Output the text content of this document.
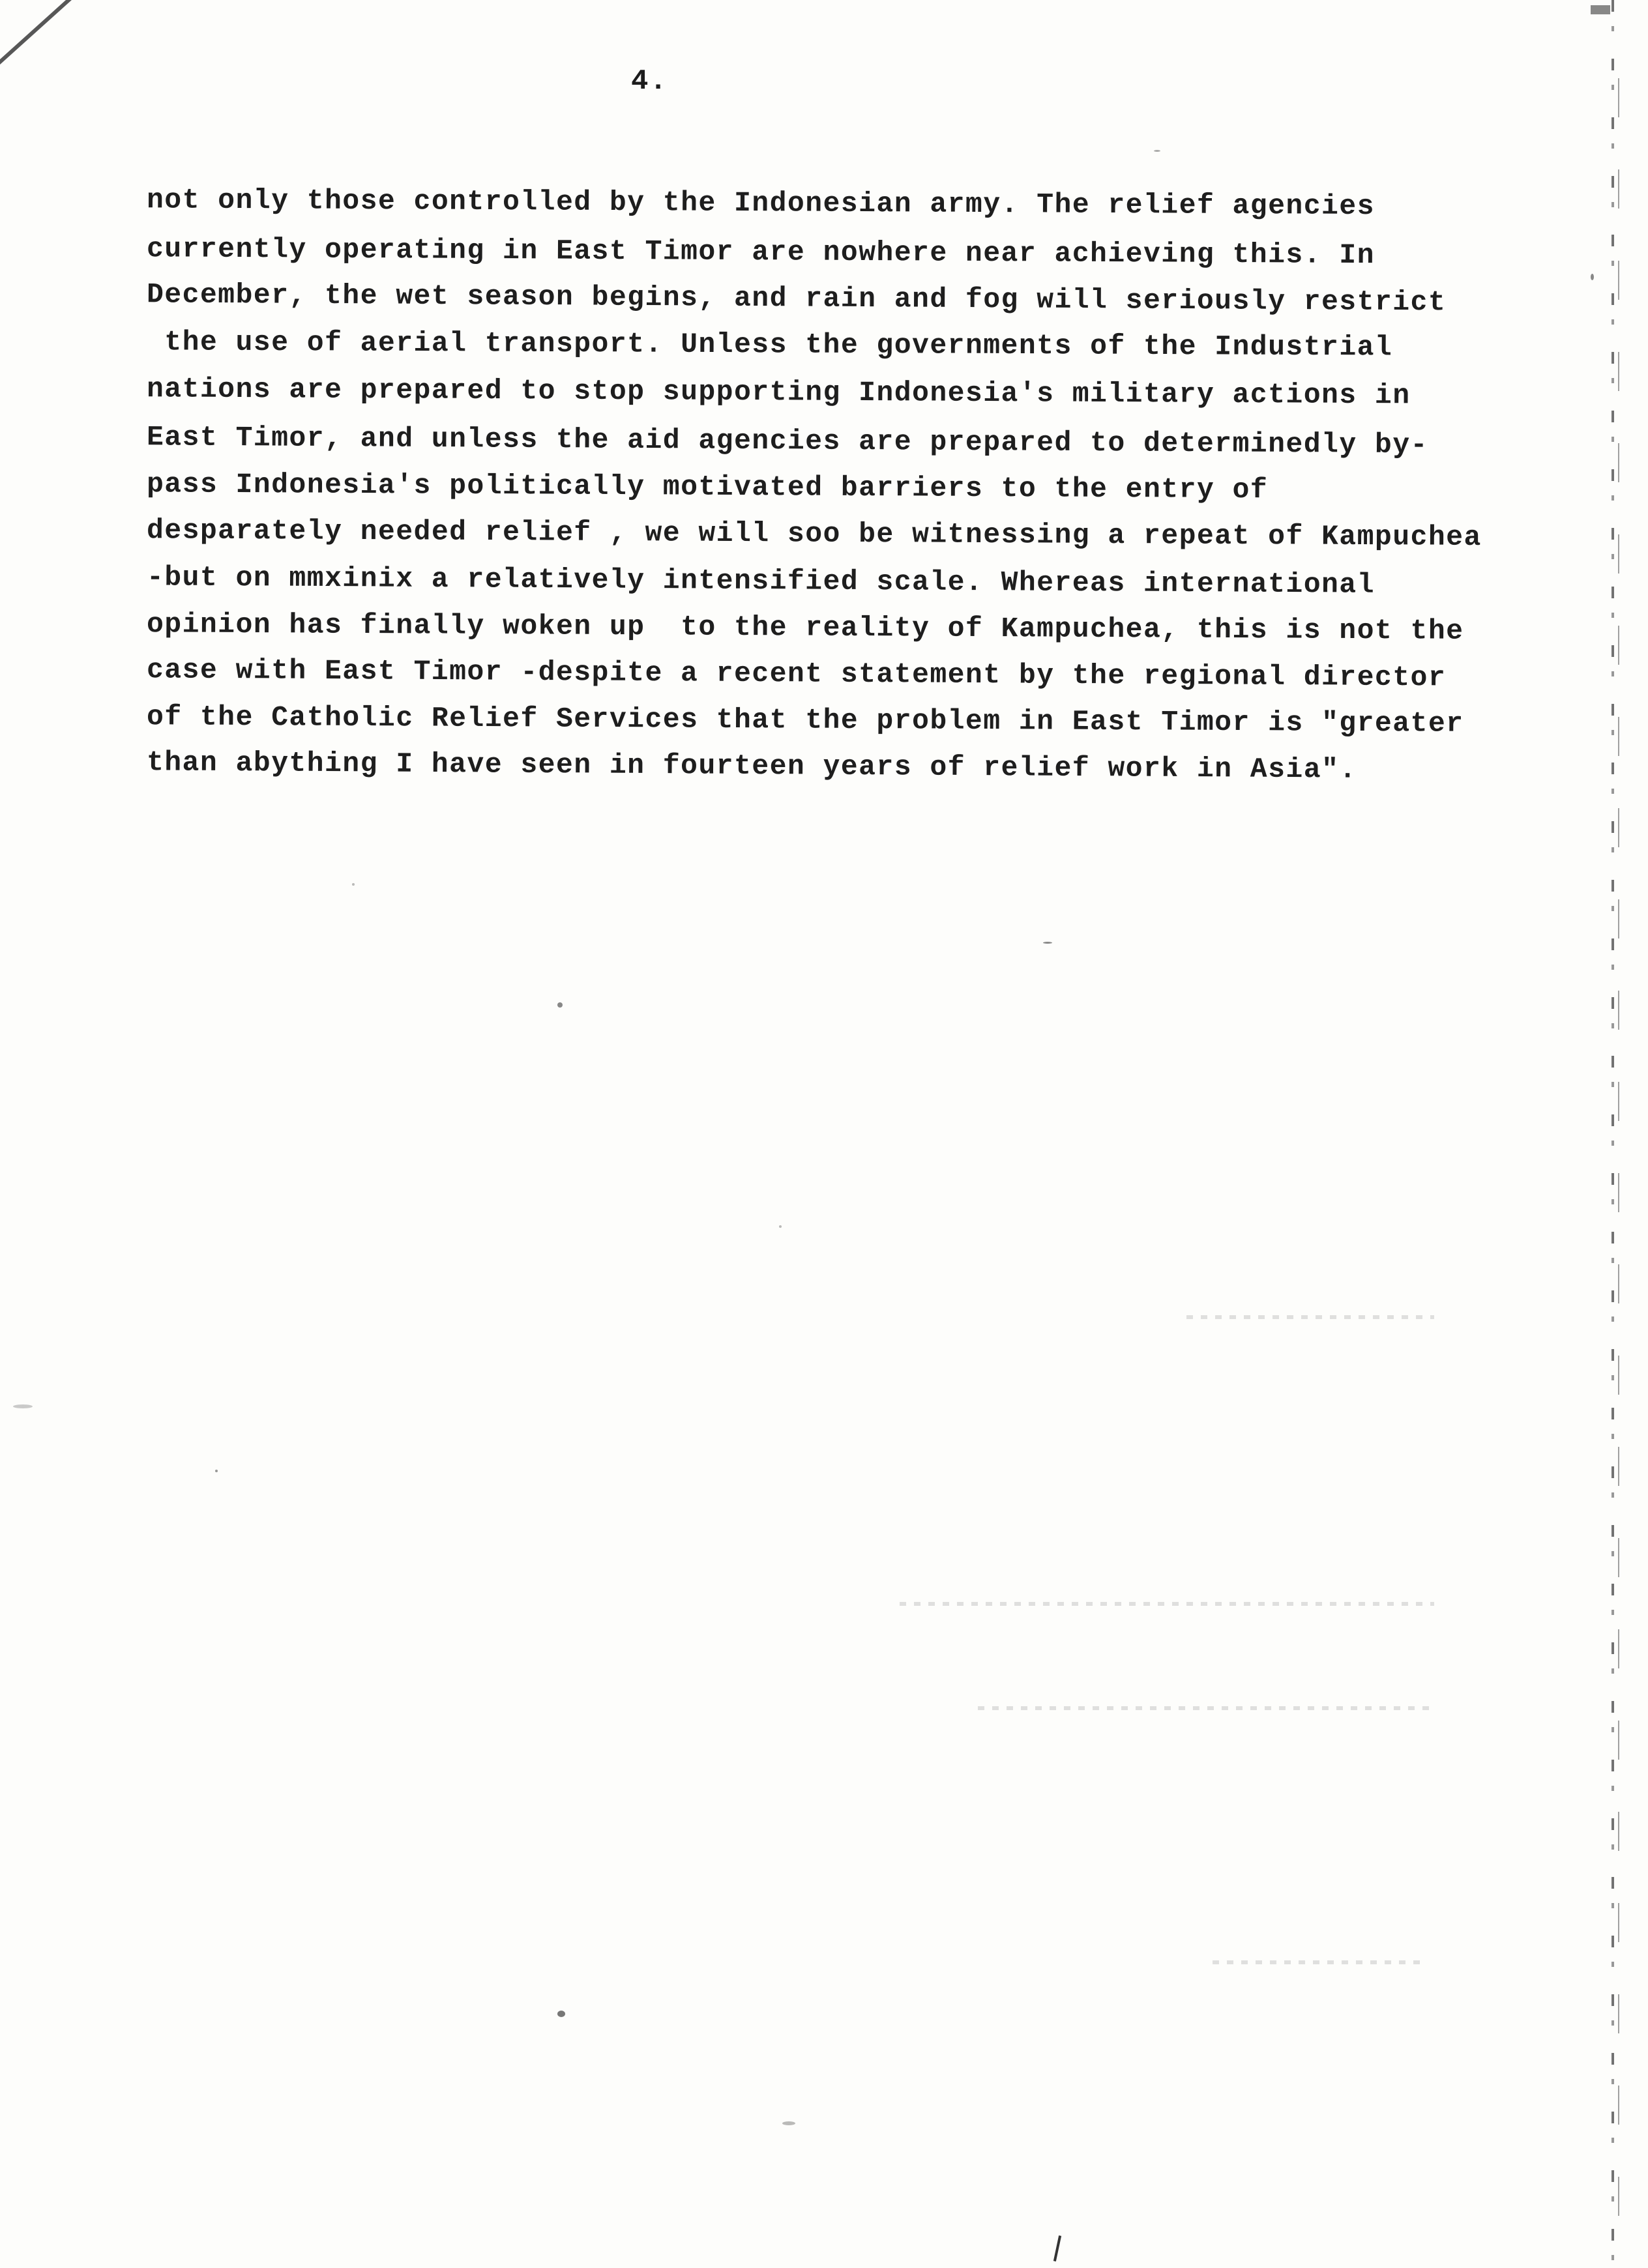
4.
not only those controlled by the Indonesian army. The relief agencies
currently operating in East Timor are nowhere near achieving this. In
December, the wet season begins, and rain and fog will seriously restrict
the use of aerial transport. Unless the governments of the Industrial
nations are prepared to stop supporting Indonesia's military actions in
East Timor, and unless the aid agencies are prepared to determinedly by-
pass Indonesia's politically motivated barriers to the entry of
desparately needed relief , we will soo be witnessing a repeat of Kampuchea
-but on mmxinix a relatively intensified scale. Whereas international
opinion has finally woken up  to the reality of Kampuchea, this is not the
case with East Timor -despite a recent statement by the regional director
of the Catholic Relief Services that the problem in East Timor is "greater
than abything I have seen in fourteen years of relief work in Asia".
